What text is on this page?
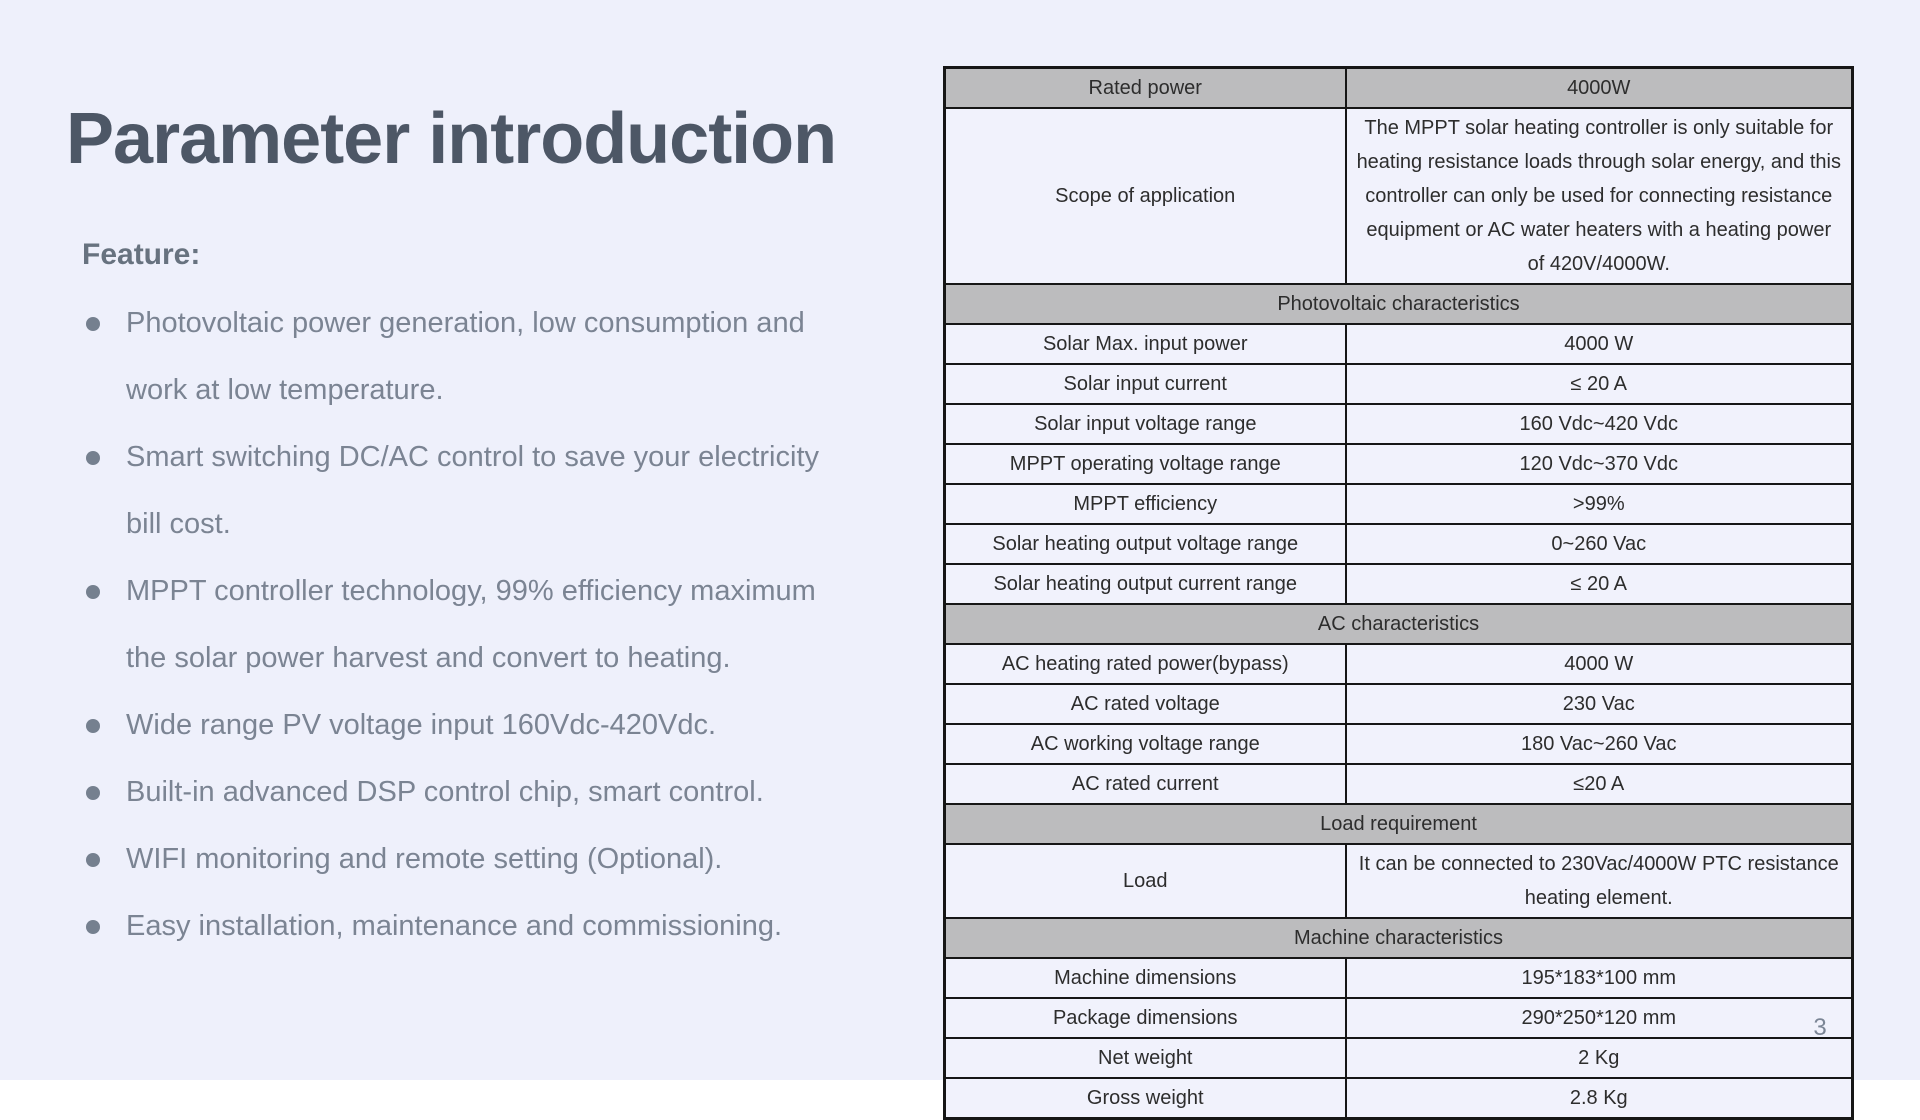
Parameter introduction
Feature:
Photovoltaic power generation, low consumption and work at low temperature.
Smart switching DC/AC control to save your electricity bill cost.
MPPT controller technology, 99% efficiency maximum the solar power harvest and convert to heating.
Wide range PV voltage input 160Vdc-420Vdc.
Built-in advanced DSP control chip, smart control.
WIFI monitoring and remote setting (Optional).
Easy installation, maintenance and commissioning.
Rated power	4000W
Scope of application	The MPPT solar heating controller is only suitable for heating resistance loads through solar energy, and this controller can only be used for connecting resistance equipment or AC water heaters with a heating power of 420V/4000W.
Photovoltaic characteristics	
Solar Max. input power	4000 W
Solar input current	≤ 20 A
Solar input voltage range	160 Vdc~420 Vdc
MPPT operating voltage range	120 Vdc~370 Vdc
MPPT efficiency	>99%
Solar heating output voltage range	0~260 Vac
Solar heating output current range	≤ 20 A
AC characteristics	
AC heating rated power(bypass)	4000 W
AC rated voltage	230 Vac
AC working voltage range	180 Vac~260 Vac
AC rated current	≤20 A
Load requirement	
Load	It can be connected to 230Vac/4000W PTC resistance heating element.
Machine characteristics	
Machine dimensions	195*183*100 mm
Package dimensions	290*250*120 mm
Net weight	2 Kg
Gross weight	2.8 Kg
3
